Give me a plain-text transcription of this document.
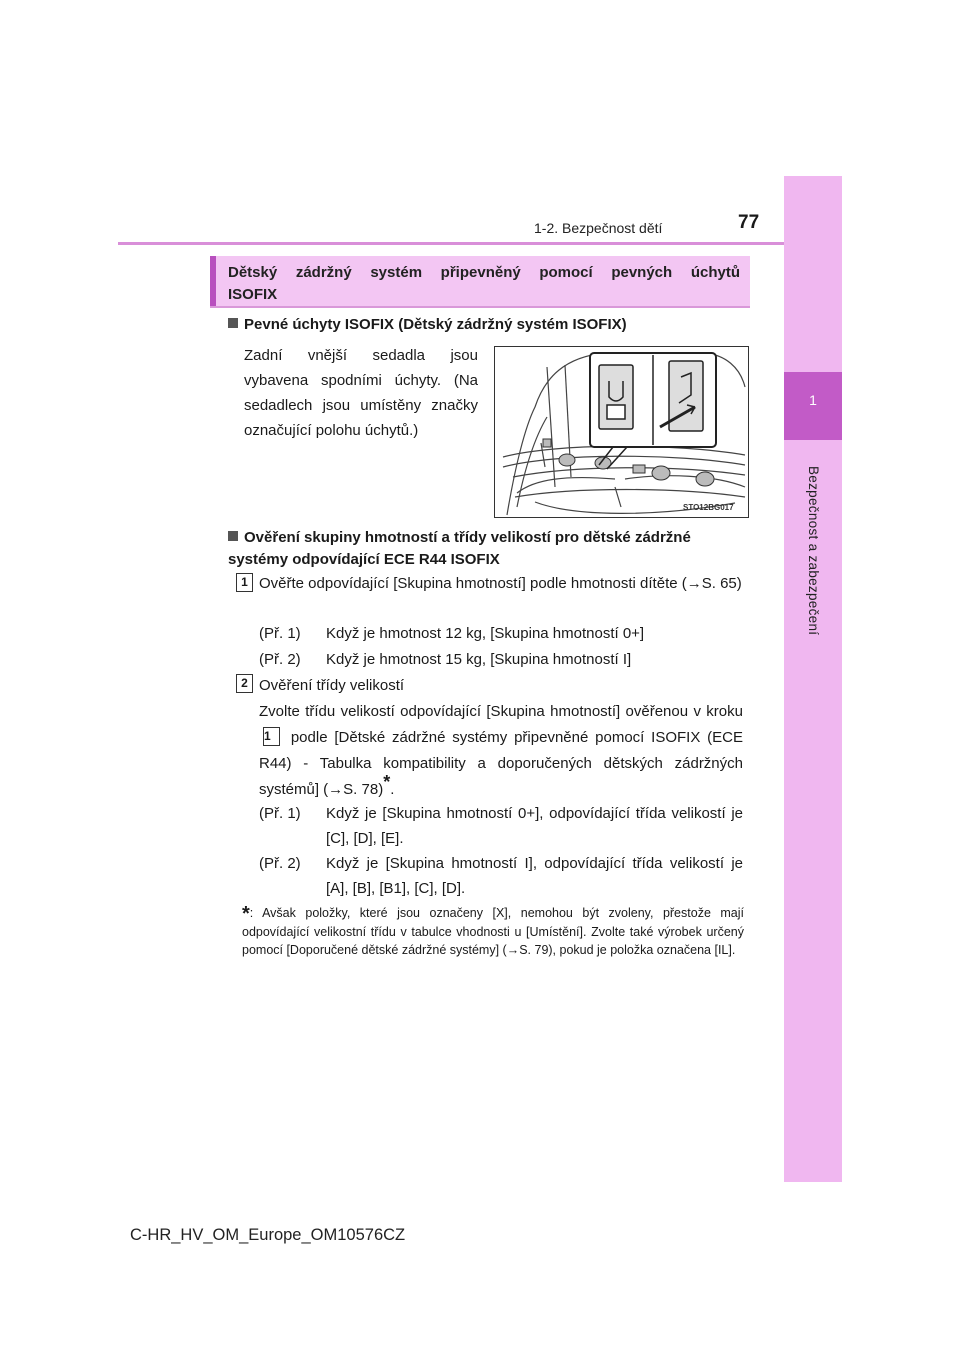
1
Bezpečnost a zabezpečení
1-2. Bezpečnost dětí	77
Dětský zádržný systém připevněný pomocí pevných úchytů ISOFIX
Pevné úchyty ISOFIX (Dětský zádržný systém ISOFIX)
Zadní vnější sedadla jsou vybavena spodními úchyty. (Na sedadlech jsou umístěny značky označující polohu úchytů.)
STO12BG017
Ověření skupiny hmotností a třídy velikostí pro dětské zádržné systémy odpovídající ECE R44 ISOFIX
1 Ověřte odpovídající [Skupina hmotností] podle hmotnosti dítěte (→S. 65)
(Př. 1) Když je hmotnost 12 kg, [Skupina hmotností 0+]
(Př. 2) Když je hmotnost 15 kg, [Skupina hmotností I]
2 Ověření třídy velikostí
Zvolte třídu velikostí odpovídající [Skupina hmotností] ověřenou v kroku 1 podle [Dětské zádržné systémy připevněné pomocí ISOFIX (ECE R44) - Tabulka kompatibility a doporučených dětských zádržných systémů] (→S. 78)*.
(Př. 1) Když je [Skupina hmotností 0+], odpovídající třída velikostí je [C], [D], [E].
(Př. 2) Když je [Skupina hmotností I], odpovídající třída velikostí je [A], [B], [B1], [C], [D].
*: Avšak položky, které jsou označeny [X], nemohou být zvoleny, přestože mají odpovídající velikostní třídu v tabulce vhodnosti u [Umístění]. Zvolte také výrobek určený pomocí [Doporučené dětské zádržné systémy] (→S. 79), pokud je položka označena [IL].
C-HR_HV_OM_Europe_OM10576CZ
